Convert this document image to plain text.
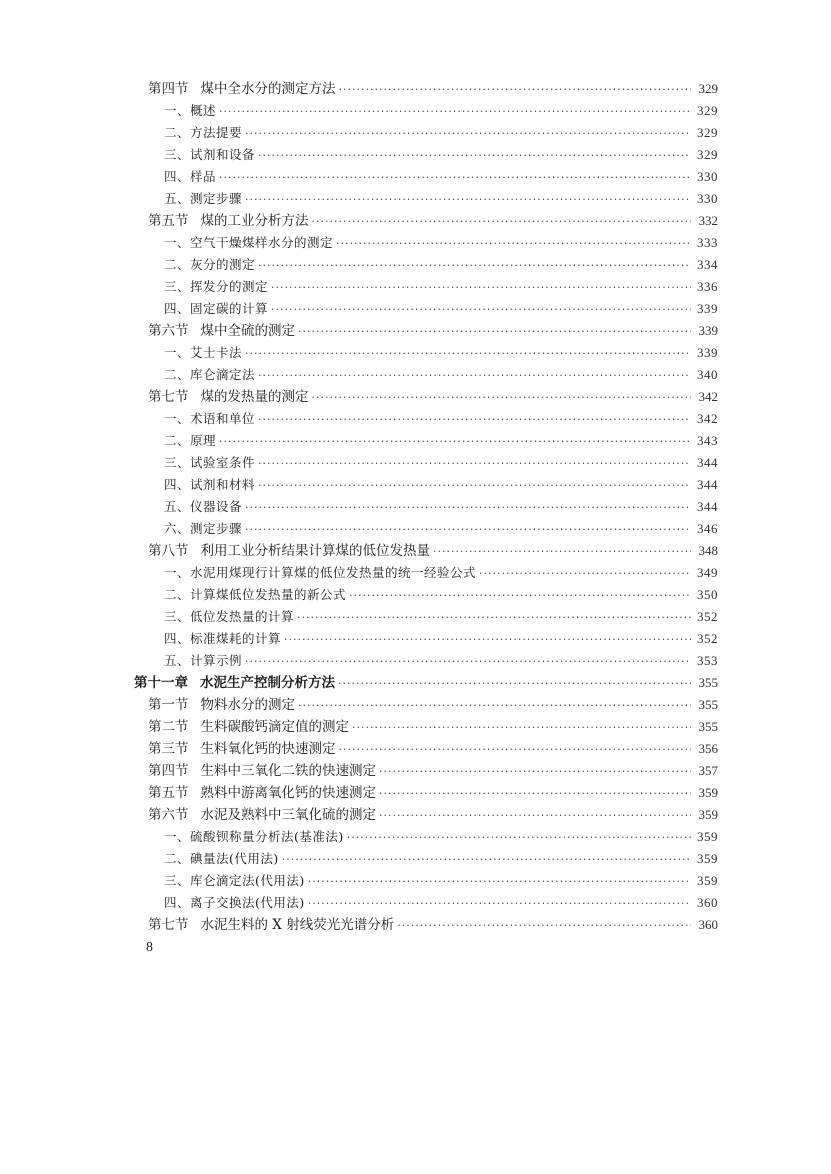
第四节 煤中全水分的测定方法 ·····	329
一、概述 ·····	329
二、方法提要 ·····	329
三、试剂和设备 ·····	329
四、样品 ·····	330
五、测定步骤 ·····	330
第五节 煤的工业分析方法 ·····	332
一、空气干燥煤样水分的测定 ·····	333
二、灰分的测定 ·····	334
三、挥发分的测定 ·····	336
四、固定碳的计算 ·····	339
第六节 煤中全硫的测定 ·····	339
一、艾士卡法 ·····	339
二、库仑滴定法 ·····	340
第七节 煤的发热量的测定 ·····	342
一、术语和单位 ·····	342
二、原理 ·····	343
三、试验室条件 ·····	344
四、试剂和材料 ·····	344
五、仪器设备 ·····	344
六、测定步骤 ·····	346
第八节 利用工业分析结果计算煤的低位发热量 ·····	348
一、水泥用煤现行计算煤的低位发热量的统一经验公式 ·····	349
二、计算煤低位发热量的新公式 ·····	350
三、低位发热量的计算 ·····	352
四、标准煤耗的计算 ·····	352
五、计算示例 ·····	353
第十一章 水泥生产控制分析方法 ·····	355
第一节 物料水分的测定 ·····	355
第二节 生料碳酸钙滴定值的测定 ·····	355
第三节 生料氧化钙的快速测定 ·····	356
第四节 生料中三氧化二铁的快速测定 ·····	357
第五节 熟料中游离氧化钙的快速测定 ·····	359
第六节 水泥及熟料中三氧化硫的测定 ·····	359
一、硫酸钡称量分析法(基准法) ·····	359
二、碘量法(代用法) ·····	359
三、库仑滴定法(代用法) ·····	359
四、离子交换法(代用法) ·····	360
第七节 水泥生料的 X 射线荧光光谱分析 ·····	360
8
